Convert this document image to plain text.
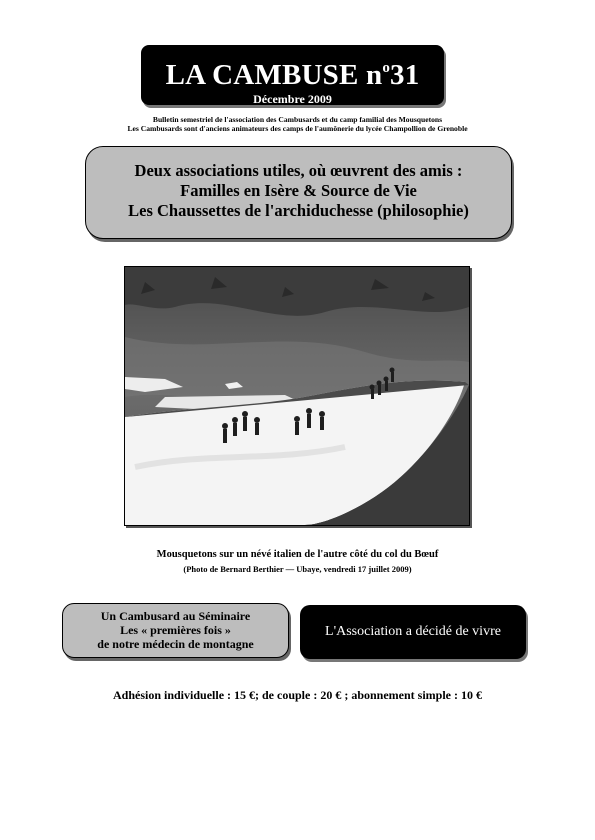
LA CAMBUSE $n^o31$
Décembre 2009
Bulletin semestriel de l'association des Cambusards et du camp familial des Mousquetons
Les Cambusards sont d'anciens animateurs des camps de l'aumônerie du lycée Champollion de Grenoble
Deux associations utiles, où œuvrent des amis :
Familles en Isère & Source de Vie
Les Chaussettes de l'archiduchesse (philosophie)
Mousquetons sur un névé italien de l'autre côté du col du Bœuf
(Photo de Bernard Berthier — Ubaye, vendredi 17 juillet 2009)
Un Cambusard au Séminaire
Les « premières fois »
de notre médecin de montagne
L'Association a décidé de vivre
Adhésion individuelle : 15 €; de couple : 20 € ; abonnement simple : 10 €
